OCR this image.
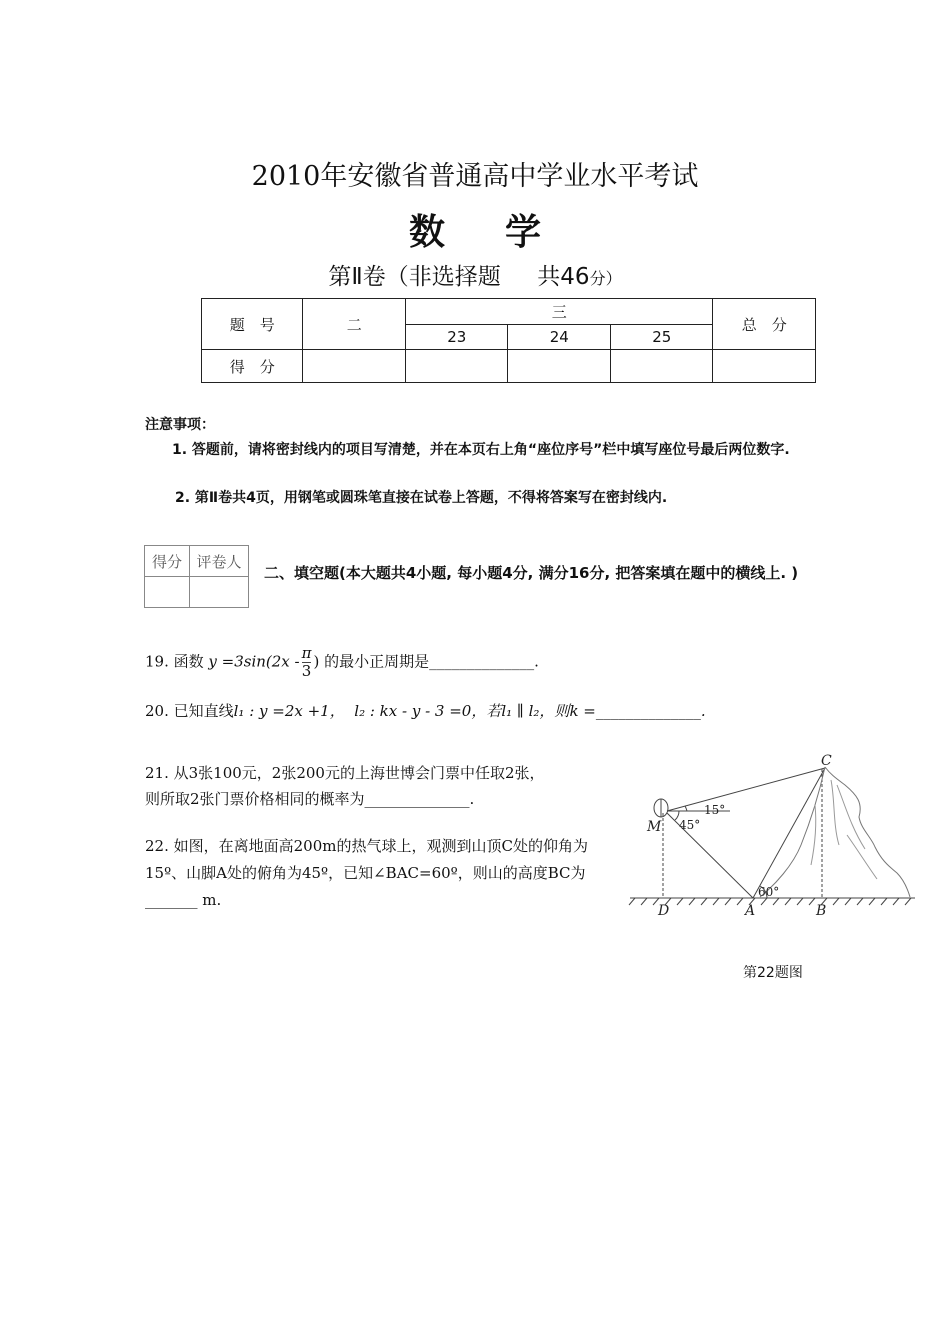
2010年安徽省普通高中学业水平考试
数学
第Ⅱ卷（非选择题 共46分）
题　号	二	三			总　分
		23	24	25	
得　分					
注意事项：
1. 答题前，请将密封线内的项目写清楚，并在本页右上角“座位序号”栏中填写座位号最后两位数字.
2. 第Ⅱ卷共4页，用钢笔或圆珠笔直接在试卷上答题，不得将答案写在密封线内.
得分	评卷人

二、填空题(本大题共4小题, 每小题4分, 满分16分, 把答案填在题中的横线上. )
19. 函数 $y =3\sin(2x - \frac{\pi}{3}$ ) 的最小正周期是______________.
20. 已知直线l₁ : y =2x +1， l₂ : kx - y - 3 =0，若l₁ ∥ l₂，则k =______________.
21. 从3张100元，2张200元的上海世博会门票中任取2张，
则所取2张门票价格相同的概率为______________.
22. 如图，在离地面高200m的热气球上，观测到山顶C处的仰角为15º、山脚A处的俯角为45º，已知∠BAC=60º，则山的高度BC为_______ m.
C
M
D	A	B
15°
45°
60°
第22题图
